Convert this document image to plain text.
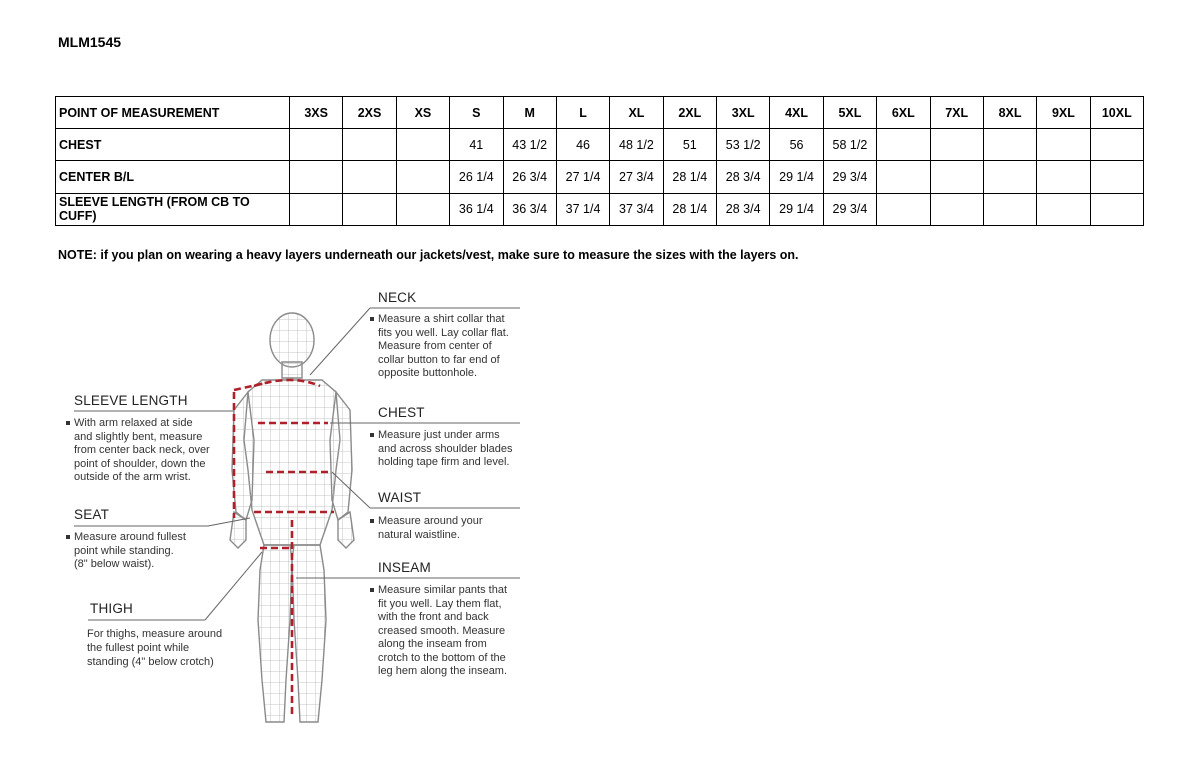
MLM1545
POINT OF MEASUREMENT	3XS	2XS	XS	S	M	L	XL	2XL	3XL	4XL	5XL	6XL	7XL	8XL	9XL	10XL
CHEST				41	43 1/2	46	48 1/2	51	53 1/2	56	58 1/2					
CENTER B/L				26 1/4	26 3/4	27 1/4	27 3/4	28 1/4	28 3/4	29 1/4	29 3/4					
SLEEVE LENGTH (FROM CB TO CUFF)				36 1/4	36 3/4	37 1/4	37 3/4	28 1/4	28 3/4	29 1/4	29 3/4					
NOTE: if you plan on wearing a heavy layers underneath our jackets/vest, make sure to measure the sizes with the layers on.
NECK
Measure a shirt collar that
fits you well. Lay collar flat.
Measure from center of
collar button to far end of
opposite buttonhole.
CHEST
Measure just under arms
and across shoulder blades
holding tape firm and level.
WAIST
Measure around your
natural waistline.
INSEAM
Measure similar pants that
fit you well. Lay them flat,
with the front and back
creased smooth. Measure
along the inseam from
crotch to the bottom of the
leg hem along the inseam.
SLEEVE LENGTH
With arm relaxed at side
and slightly bent, measure
from center back neck, over
point of shoulder, down the
outside of the arm wrist.
SEAT
Measure around fullest
point while standing.
(8" below waist).
THIGH
For thighs, measure around
the fullest point while
standing (4" below crotch)
